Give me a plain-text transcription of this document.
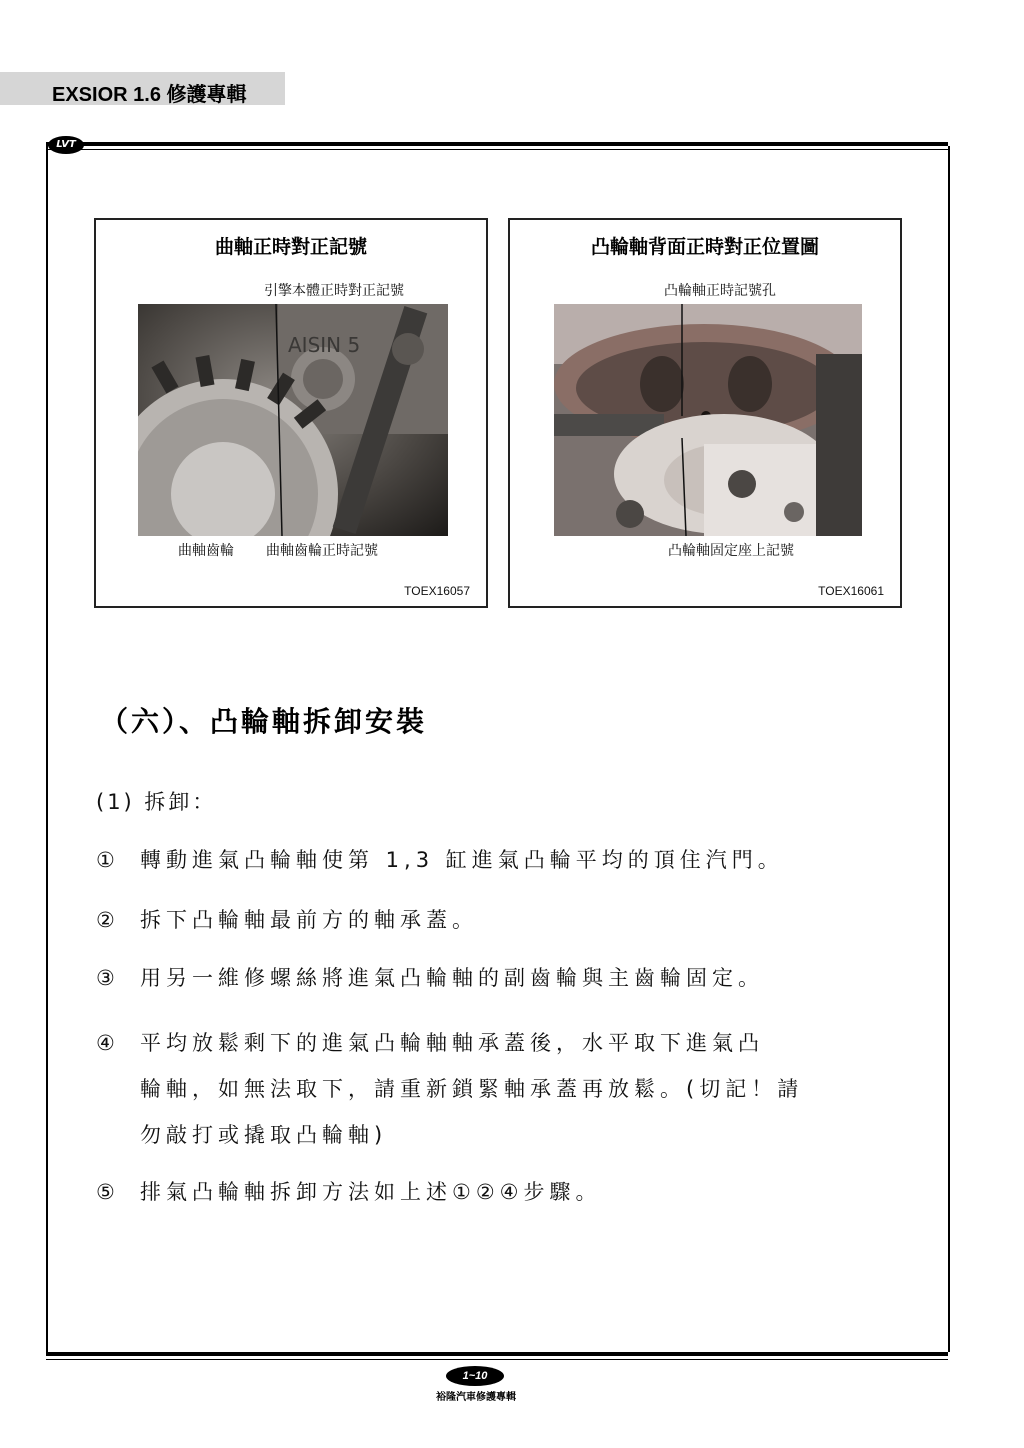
EXSIOR 1.6 修護專輯
LVT
曲軸正時對正記號
引擎本體正時對正記號
AISIN 5
曲軸齒輪 曲軸齒輪正時記號
TOEX16057
凸輪軸背面正時對正位置圖
凸輪軸正時記號孔
凸輪軸固定座上記號
TOEX16061
（六）、凸輪軸拆卸安裝
(1) 拆卸：
① 轉動進氣凸輪軸使第 1,3 缸進氣凸輪平均的頂住汽門。
② 拆下凸輪軸最前方的軸承蓋。
③ 用另一維修螺絲將進氣凸輪軸的副齒輪與主齒輪固定。
④ 平均放鬆剩下的進氣凸輪軸軸承蓋後，水平取下進氣凸
輪軸，如無法取下，請重新鎖緊軸承蓋再放鬆。(切記！請
勿敲打或撬取凸輪軸)
⑤ 排氣凸輪軸拆卸方法如上述①②④步驟。
1~10
裕隆汽車修護專輯
